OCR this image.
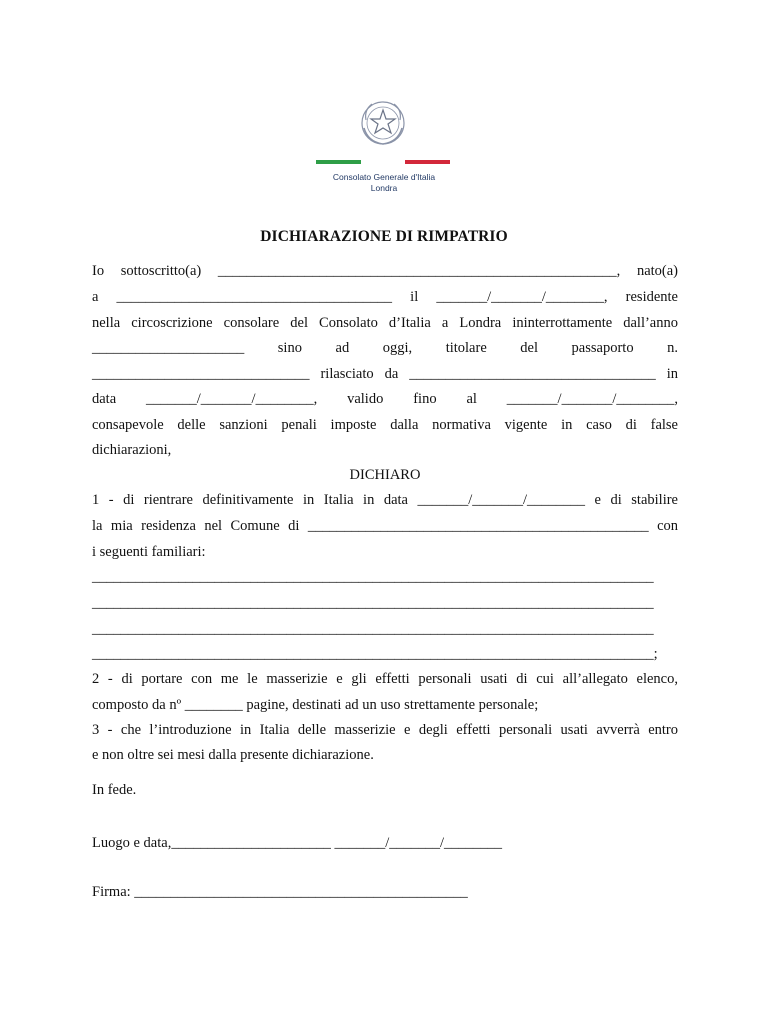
Consolato Generale d'Italia
Londra
DICHIARAZIONE DI RIMPATRIO
Io sottoscritto(a) _______________________________________________________, nato(a)
a ______________________________________ il _______/_______/________, residente
nella circoscrizione consolare del Consolato d’Italia a Londra ininterrottamente dall’anno
_____________________ sino ad oggi, titolare del passaporto n.
______________________________ rilasciato da __________________________________ in
data _______/_______/________, valido fino al _______/_______/________,
consapevole delle sanzioni penali imposte dalla normativa vigente in caso di false
dichiarazioni,
DICHIARO
1 - di rientrare definitivamente in Italia in data _______/_______/________ e di stabilire
la mia residenza nel Comune di _______________________________________________ con
i seguenti familiari:
______________________________________________________________________________
______________________________________________________________________________
______________________________________________________________________________
______________________________________________________________________________;
2 - di portare con me le masserizie e gli effetti personali usati di cui all’allegato elenco,
composto da nº ________ pagine, destinati ad un uso strettamente personale;
3 - che l’introduzione in Italia delle masserizie e degli effetti personali usati avverrà entro
e non oltre sei mesi dalla presente dichiarazione.
In fede.
Luogo e data,______________________ _______/_______/________
Firma: ______________________________________________
